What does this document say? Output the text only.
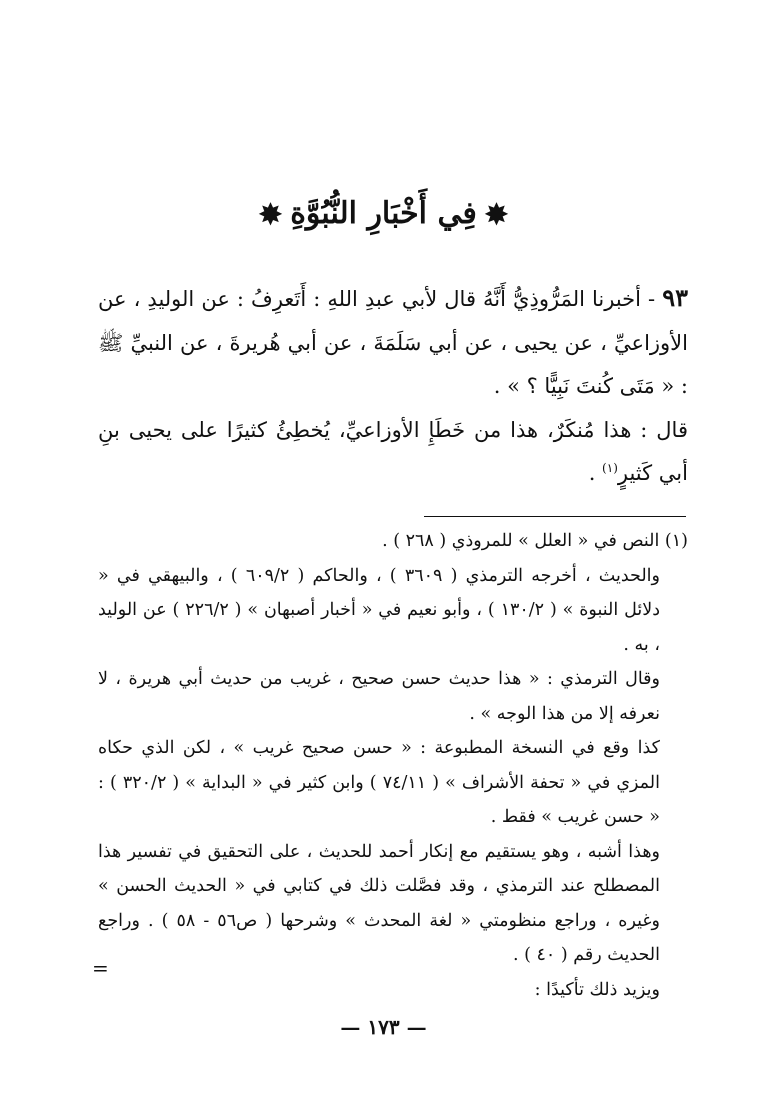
✸فِي أَخْبَارِ النُّبُوَّةِ✸

٩٣ - أخبرنا المَرُّوذِيُّ أَنَّهُ قال لأبي عبدِ اللهِ : أَتَعرِفُ : عن الوليدِ ، عن الأوزاعيِّ ، عن يحيى ، عن أبي سَلَمَةَ ، عن أبي هُريرةَ ، عن النبيِّ ﷺ : « مَتَى كُنتَ نَبِيًّا ؟ » .

قال : هذا مُنكَرٌ، هذا من خَطَإِ الأوزاعيِّ، يُخطِئُ كثيرًا على يحيى بنِ أبي كَثيرٍ$^{(١)}$ .

(١) النص في « العلل » للمروذي ( ٢٦٨ ) .

والحديث ، أخرجه الترمذي ( ٣٦٠٩ ) ، والحاكم ( ٦٠٩/٢ ) ، والبيهقي في « دلائل النبوة » ( ١٣٠/٢ ) ، وأبو نعيم في « أخبار أصبهان » ( ٢٢٦/٢ ) عن الوليد ، به .

وقال الترمذي : « هذا حديث حسن صحيح ، غريب من حديث أبي هريرة ، لا نعرفه إلا من هذا الوجه » .

كذا وقع في النسخة المطبوعة : « حسن صحيح غريب » ، لكن الذي حكاه المزي في « تحفة الأشراف » ( ٧٤/١١ ) وابن كثير في « البداية » ( ٣٢٠/٢ ) : « حسن غريب » فقط .

وهذا أشبه ، وهو يستقيم مع إنكار أحمد للحديث ، على التحقيق في تفسير هذا المصطلح عند الترمذي ، وقد فصَّلت ذلك في كتابي في « الحديث الحسن » وغيره ، وراجع منظومتي « لغة المحدث » وشرحها ( ص٥٦ - ٥٨ ) . وراجع الحديث رقم ( ٤٠ ) .

ويزيد ذلك تأكيدًا :

=
— ١٧٣ —
